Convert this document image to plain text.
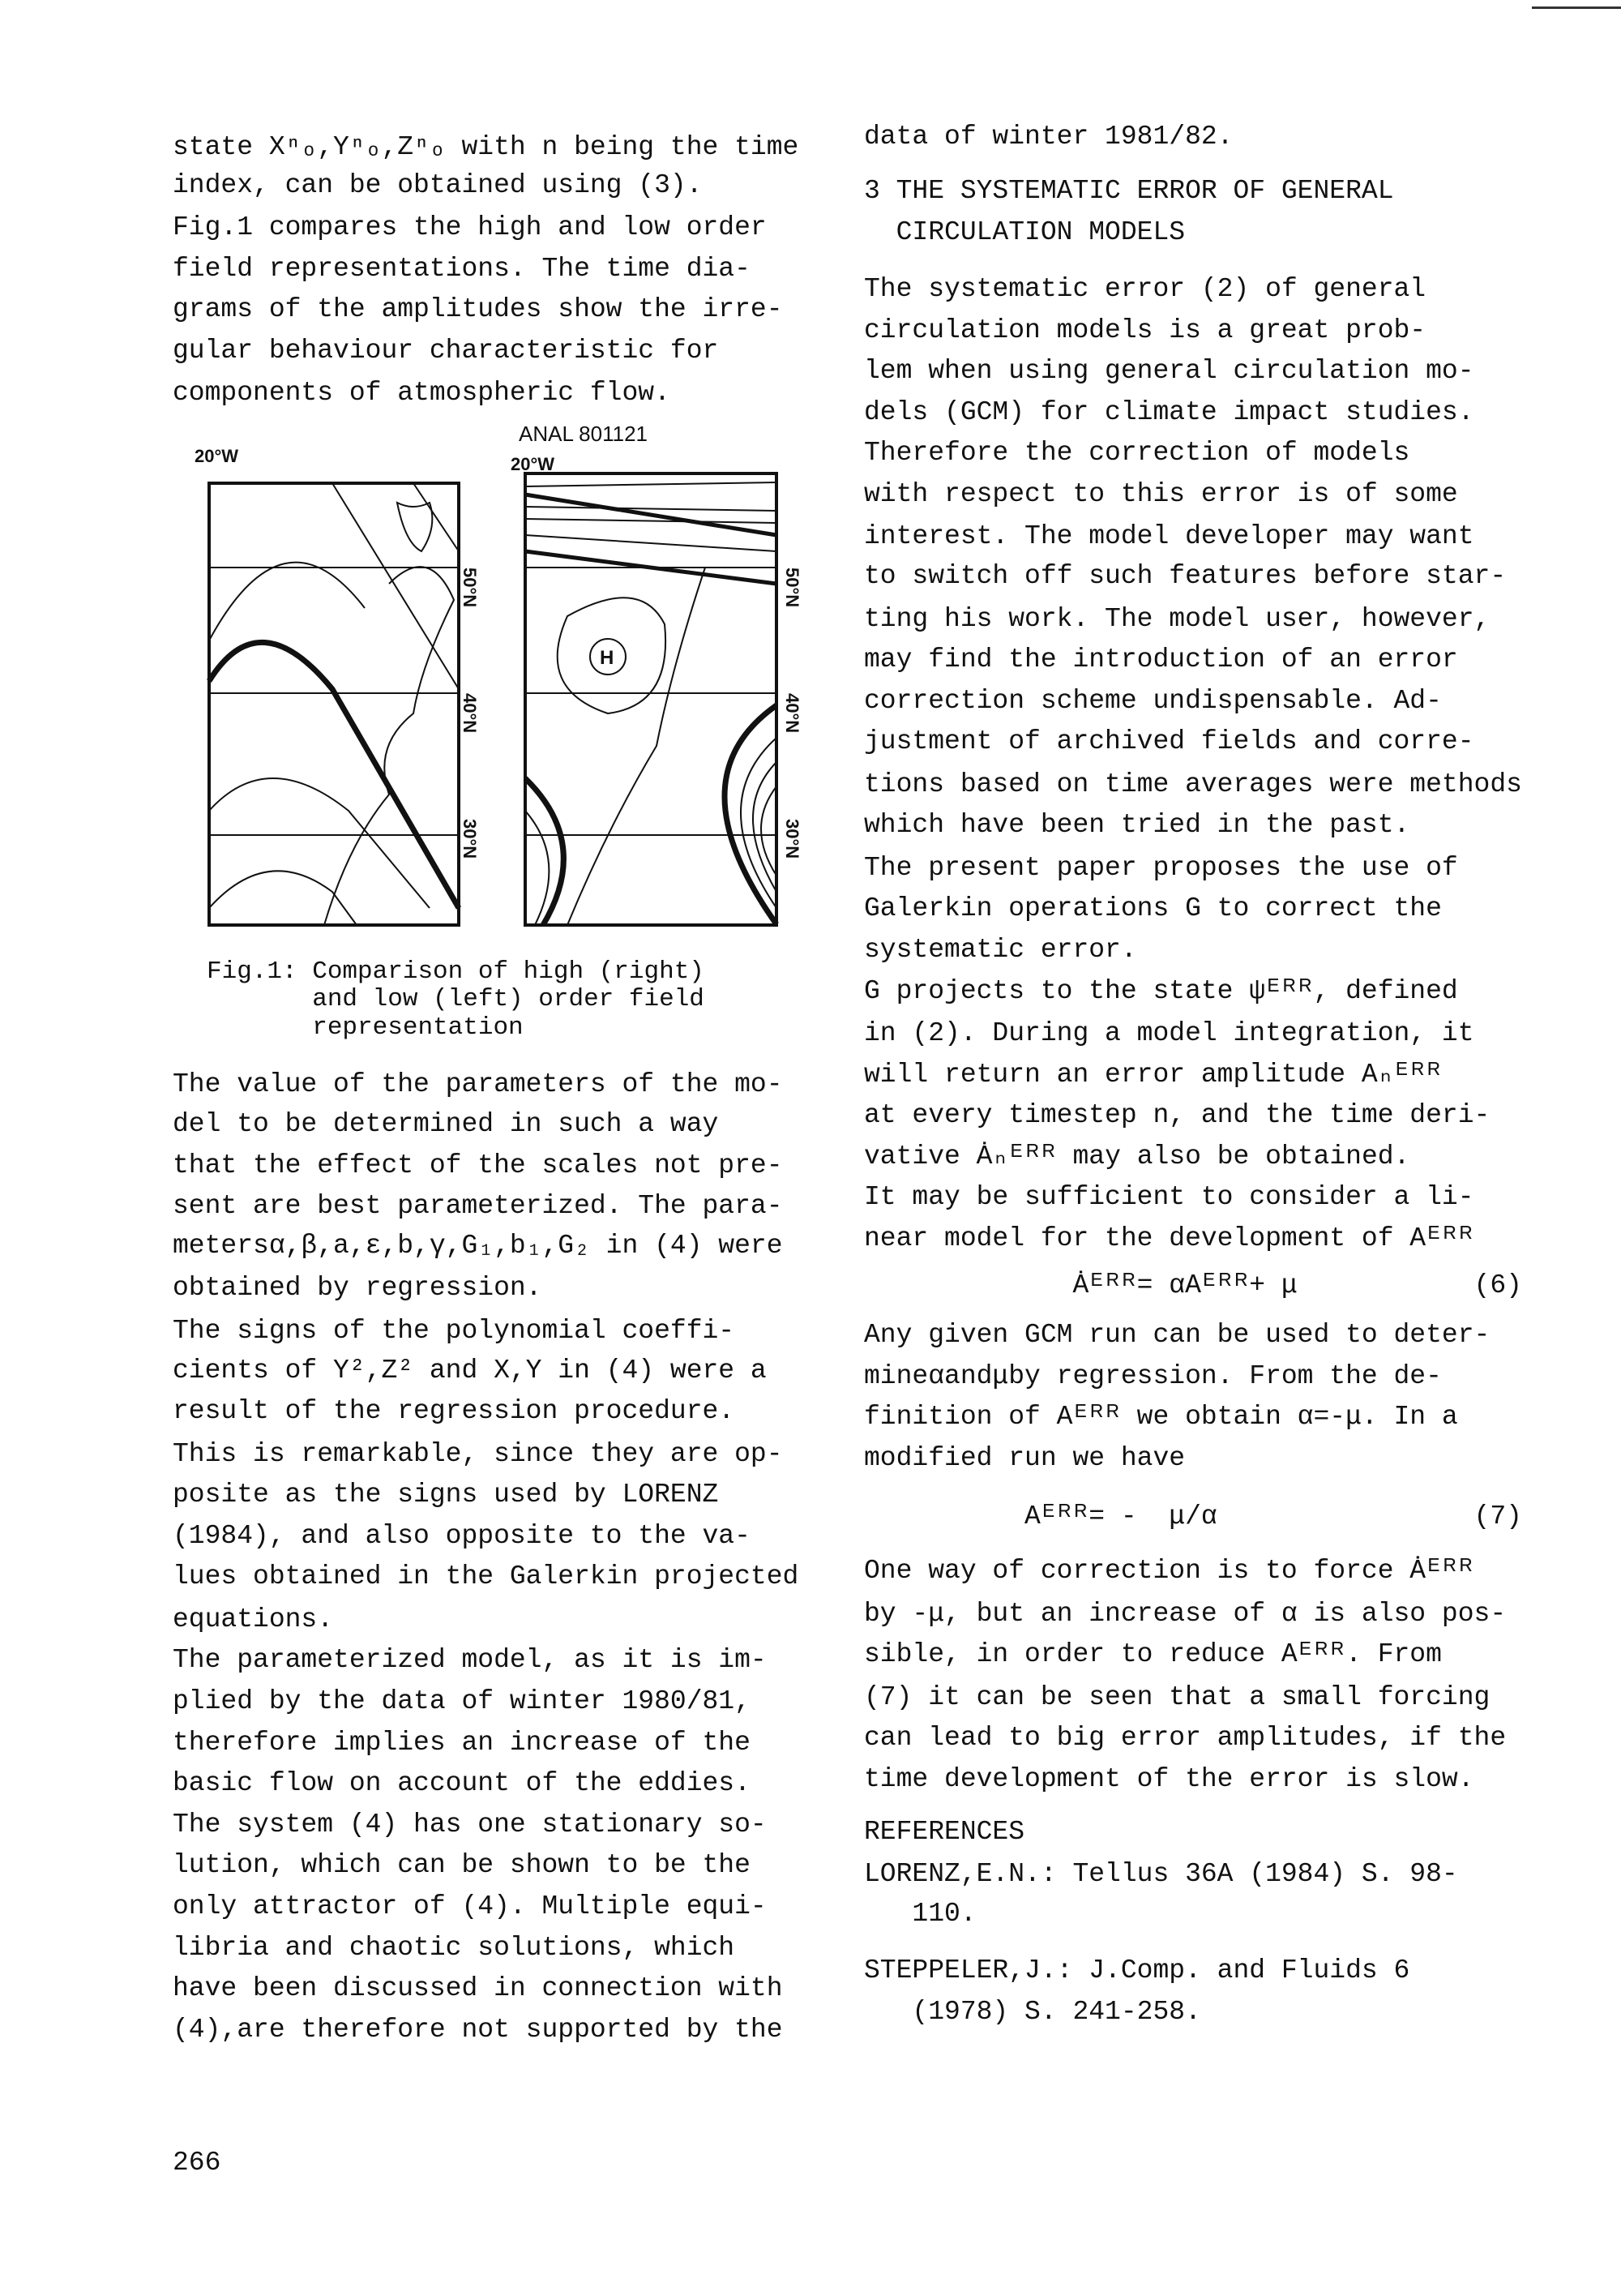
state Xⁿₒ,Yⁿₒ,Zⁿₒ with n being the time
index, can be obtained using (3).
Fig.1 compares the high and low order
field representations. The time dia-
grams of the amplitudes show the irre-
gular behaviour characteristic for
components of atmospheric flow.
The value of the parameters of the mo-
del to be determined in such a way
that the effect of the scales not pre-
sent are best parameterized. The para-
metersα,β,a,ε,b,γ,G₁,b₁,G₂ in (4) were
obtained by regression.
The signs of the polynomial coeffi-
cients of Y²,Z² and X,Y in (4) were a
result of the regression procedure.
This is remarkable, since they are op-
posite as the signs used by LORENZ
(1984), and also opposite to the va-
lues obtained in the Galerkin projected
equations.
The parameterized model, as it is im-
plied by the data of winter 1980/81,
therefore implies an increase of the
basic flow on account of the eddies.
The system (4) has one stationary so-
lution, which can be shown to be the
only attractor of (4). Multiple equi-
libria and chaotic solutions, which
have been discussed in connection with
(4),are therefore not supported by the
data of winter 1981/82.
3 THE SYSTEMATIC ERROR OF GENERAL
CIRCULATION MODELS
The systematic error (2) of general
circulation models is a great prob-
lem when using general circulation mo-
dels (GCM) for climate impact studies.
Therefore the correction of models
with respect to this error is of some
interest. The model developer may want
to switch off such features before star-
ting his work. The model user, however,
may find the introduction of an error
correction scheme undispensable. Ad-
justment of archived fields and corre-
tions based on time averages were methods
which have been tried in the past.
The present paper proposes the use of
Galerkin operations G to correct the
systematic error.
G projects to the state ψᴱᴿᴿ, defined
in (2). During a model integration, it
will return an error amplitude Aₙᴱᴿᴿ
at every timestep n, and the time deri-
vative Ȧₙᴱᴿᴿ may also be obtained.
It may be sufficient to consider a li-
near model for the development of Aᴱᴿᴿ
Ȧᴱᴿᴿ= αAᴱᴿᴿ+ μ           (6)
Any given GCM run can be used to deter-
mineαandμby regression. From the de-
finition of Aᴱᴿᴿ we obtain α=-μ. In a
modified run we have
Aᴱᴿᴿ= -  μ/α                (7)
One way of correction is to force Ȧᴱᴿᴿ
by -μ, but an increase of α is also pos-
sible, in order to reduce Aᴱᴿᴿ. From
(7) it can be seen that a small forcing
can lead to big error amplitudes, if the
time development of the error is slow.
REFERENCES
LORENZ,E.N.: Tellus 36A (1984) S. 98-
110.
STEPPELER,J.: J.Comp. and Fluids 6
(1978) S. 241-258.
ANAL 801121
20°W	20°W
50°N
40°N
30°N
50°N
40°N
30°N
H
Fig.1: Comparison of high (right)
and low (left) order field
representation
266
